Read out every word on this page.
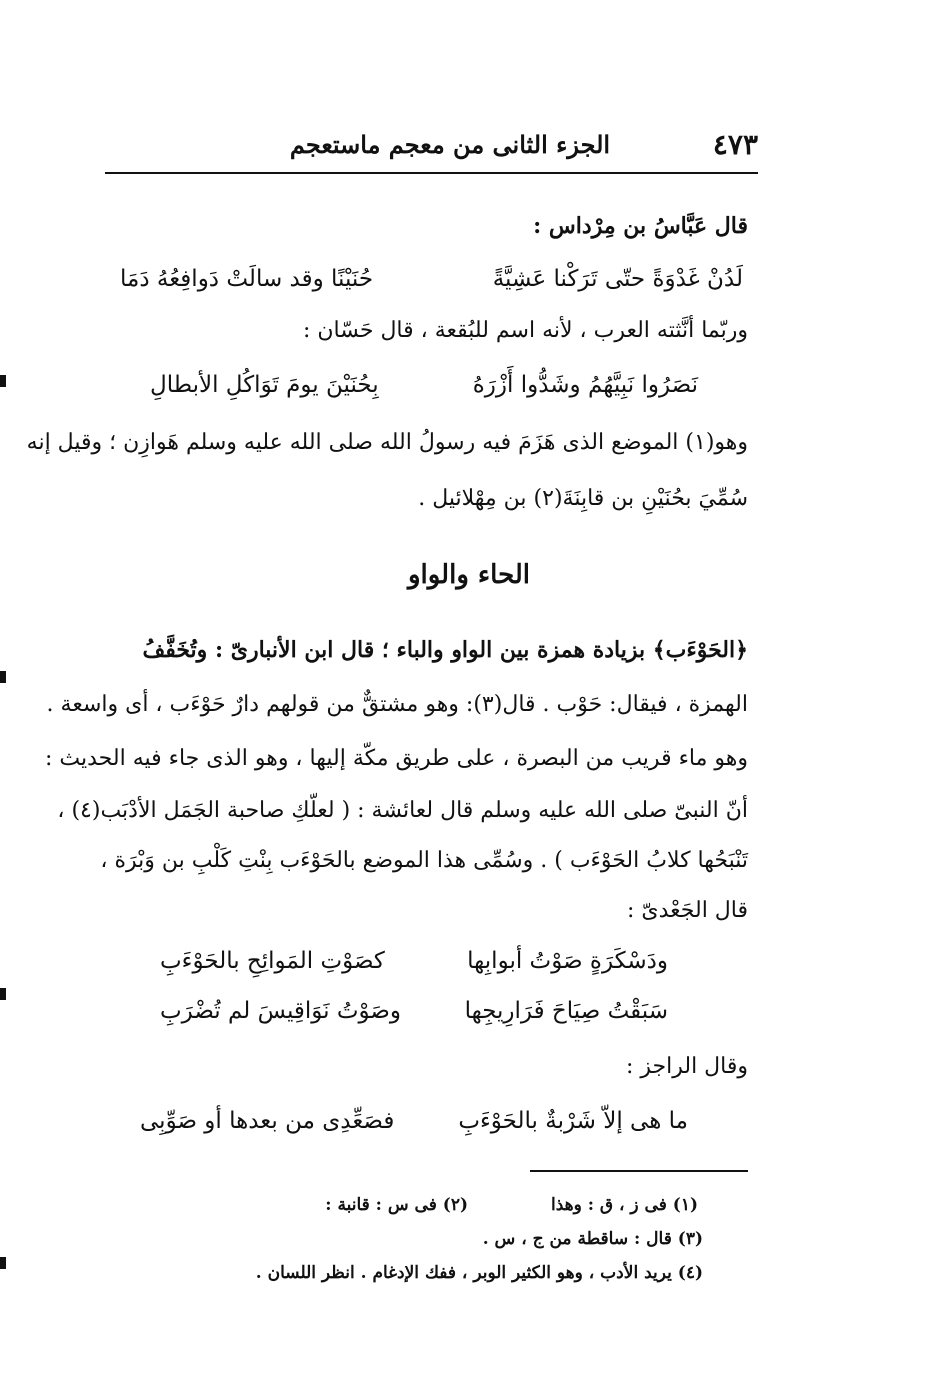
٤٧٣
الجزء الثانى من معجم ماستعجم
قال عَبَّاسُ بن مِرْداس :
لَدُنْ غَدْوَةً حتّى تَرَكْنا عَشِيَّةً
حُنَيْنًا وقد سالَتْ دَوافِعُهُ دَمَا
وربّما أنَّثته العرب ، لأنه اسم للبُقعة ، قال حَسّان :
نَصَرُوا نَبِيَّهُمُ وشَدُّوا أَزْرَهُ
بِحُنَيْنَ يومَ تَوَاكُلِ الأبطالِ
وهو(١) الموضع الذى هَزَمَ فيه رسولُ الله صلى الله عليه وسلم هَوازِن ؛ وقيل إنه
سُمِّيَ بحُنَيْنِ بن قابِنَةَ(٢) بن مِهْلائيل .
الحاء والواو
﴿الحَوْءَب﴾ بزيادة همزة بين الواو والباء ؛ قال ابن الأنبارىّ : وتُخَفَّفُ
الهمزة ، فيقال: حَوْب . قال(٣): وهو مشتقٌّ من قولهم دارٌ حَوْءَب ، أى واسعة .
وهو ماء قريب من البصرة ، على طريق مكّة إليها ، وهو الذى جاء فيه الحديث :
أنّ النبىّ صلى الله عليه وسلم قال لعائشة : ( لعلّكِ صاحبة الجَمَل الأدْبَب(٤) ،
تَنْبَحُها كلابُ الحَوْءَب ) . وسُمِّى هذا الموضع بالحَوْءَب بِنْتِ كَلْبِ بن وَبْرَة ،
قال الجَعْدىّ :
ودَسْكَرَةٍ صَوْتُ أبوابِها
كصَوْتِ المَوائِحِ بالحَوْءَبِ
سَبَقْتُ صِيَاحَ فَرَارِيجِها
وصَوْتُ نَوَاقِيسَ لم تُضْرَبِ
وقال الراجز :
ما هى إلاّ شَرْبةٌ بالحَوْءَبِ
فصَعِّدِى من بعدها أو صَوِّبِى
(١) فى ز ، ق : وهذا
(٢) فى س : قانبة :
(٣) قال : ساقطة من ج ، س .
(٤) يريد الأدب ، وهو الكثير الوبر ، ففك الإدغام . انظر اللسان .
